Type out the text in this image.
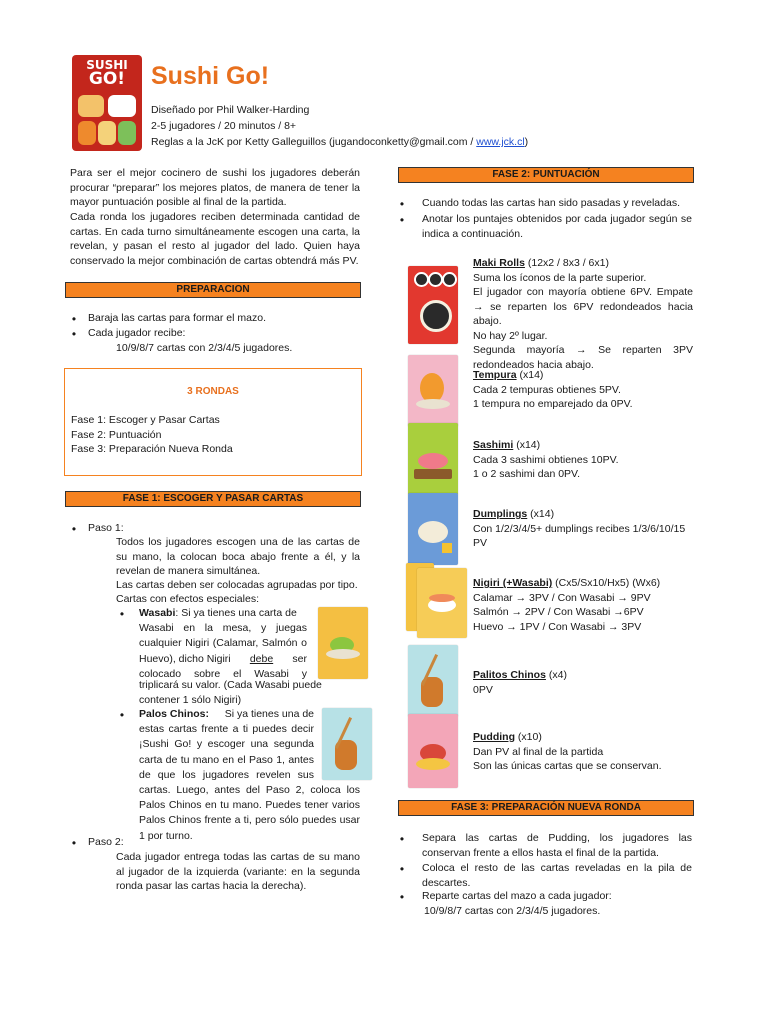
SUSHI
GO!	Sushi Go!
Diseñado por Phil Walker-Harding
2-5 jugadores / 20 minutos / 8+
Reglas a la JcK por Ketty Galleguillos (jugandoconketty@gmail.com / www.jck.cl)
Para ser el mejor cocinero de sushi los jugadores deberán procurar “preparar” los mejores platos, de manera de tener la mayor puntuación posible al final de la partida.
Cada ronda los jugadores reciben determinada cantidad de cartas. En cada turno simultáneamente escogen una carta, la revelan, y pasan el resto al jugador del lado. Quien haya conservado la mejor combinación de cartas obtendrá más PV.
PREPARACION
•	Baraja las cartas para formar el mazo.
•	Cada jugador recibe:
10/9/8/7 cartas con 2/3/4/5 jugadores.
3 RONDAS
Fase 1: Escoger y Pasar Cartas
Fase 2: Puntuación
Fase 3: Preparación Nueva Ronda
FASE 1: ESCOGER Y PASAR CARTAS
•	Paso 1:
Todos los jugadores escogen una de las cartas de su mano, la colocan boca abajo frente a él, y la revelan de manera simultánea.
Las cartas deben ser colocadas agrupadas por tipo.
Cartas con efectos especiales:
•	Wasabi: Si ya tienes una carta de
Wasabi en la mesa, y juegas
cualquier Nigiri (Calamar, Salmón o
Huevo), dicho Nigiri debe ser
colocado sobre el Wasabi y
triplicará su valor. (Cada Wasabi puede
contener 1 sólo Nigiri)
•	Palos Chinos: Si ya tienes una de
estas cartas frente a ti puedes decir
¡Sushi Go! y escoger una segunda
carta de tu mano en el Paso 1, antes
de que los jugadores revelen sus
cartas. Luego, antes del Paso 2, coloca los Palos Chinos en tu mano. Puedes tener varios Palos Chinos frente a ti, pero sólo puedes usar 1 por turno.
•	Paso 2:
Cada jugador entrega todas las cartas de su mano al jugador de la izquierda (variante: en la segunda ronda pasar las cartas hacia la derecha).
FASE 2: PUNTUACIÓN
•	Cuando todas las cartas han sido pasadas y reveladas.
•	Anotar los puntajes obtenidos por cada jugador según se indica a continuación.
Maki Rolls (12x2 / 8x3 / 6x1)
Suma los íconos de la parte superior.
El jugador con mayoría obtiene 6PV. Empate → se reparten los 6PV redondeados hacia abajo.
No hay 2º lugar.
Segunda mayoría → Se reparten 3PV redondeados hacia abajo.
Tempura (x14)
Cada 2 tempuras obtienes 5PV.
1 tempura no emparejado da 0PV.
Sashimi (x14)
Cada 3 sashimi obtienes 10PV.
1 o 2 sashimi dan 0PV.
Dumplings (x14)
Con 1/2/3/4/5+ dumplings recibes 1/3/6/10/15 PV
Nigiri (+Wasabi) (Cx5/Sx10/Hx5) (Wx6)
Calamar → 3PV / Con Wasabi → 9PV
Salmón → 2PV / Con Wasabi →6PV
Huevo → 1PV / Con Wasabi → 3PV
Palitos Chinos (x4)
0PV
Pudding (x10)
Dan PV al final de la partida
Son las únicas cartas que se conservan.
FASE 3: PREPARACIÓN NUEVA RONDA
•	Separa las cartas de Pudding, los jugadores las conservan frente a ellos hasta el final de la partida.
•	Coloca el resto de las cartas reveladas en la pila de descartes.
•	Reparte cartas del mazo a cada jugador:
10/9/8/7 cartas con 2/3/4/5 jugadores.
